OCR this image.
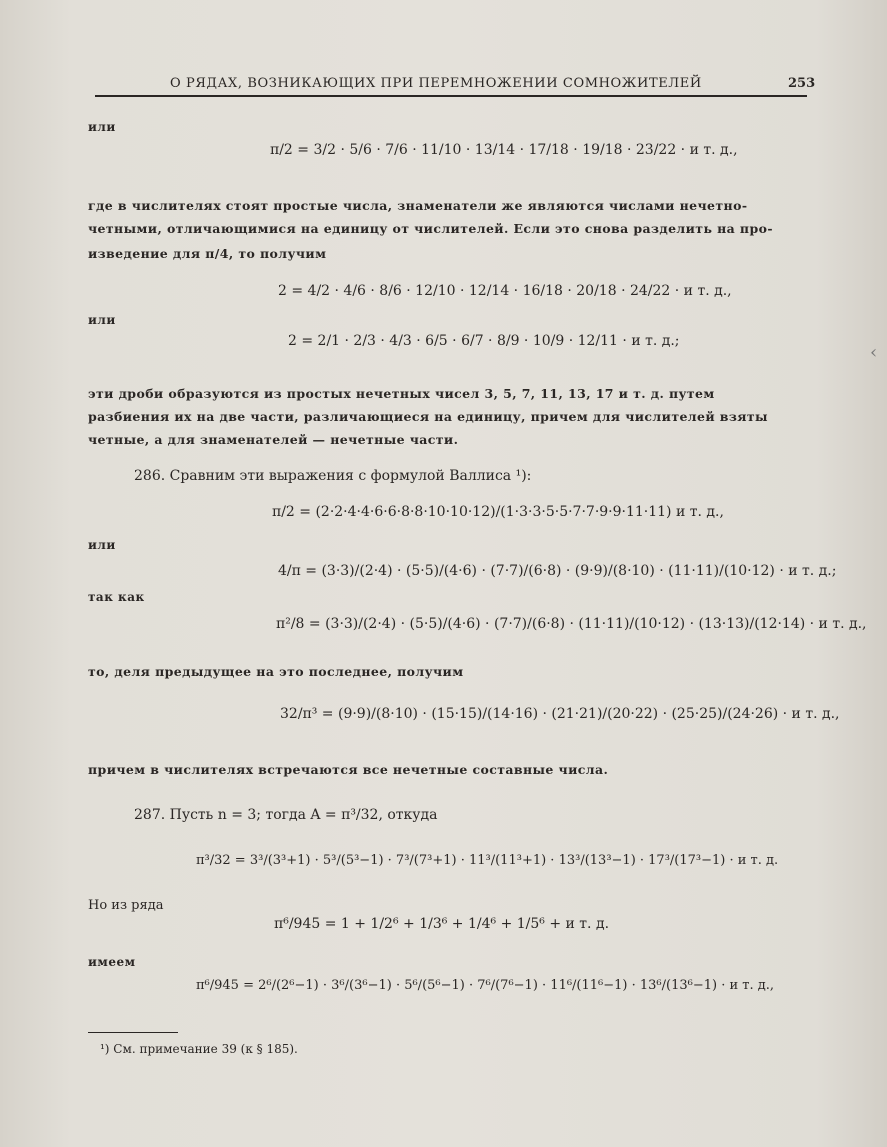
О РЯДАХ, ВОЗНИКАЮЩИХ ПРИ ПЕРЕМНОЖЕНИИ СОМНОЖИТЕЛЕЙ	253
или
π/2 = 3/2 · 5/6 · 7/6 · 11/10 · 13/14 · 17/18 · 19/18 · 23/22 · и т. д.,
где в числителях стоят простые числа, знаменатели же являются числами нечетно-
четными, отличающимися на единицу от числителей. Если это снова разделить на про-
изведение для π/4, то получим
2 = 4/2 · 4/6 · 8/6 · 12/10 · 12/14 · 16/18 · 20/18 · 24/22 · и т. д.,
или
2 = 2/1 · 2/3 · 4/3 · 6/5 · 6/7 · 8/9 · 10/9 · 12/11 · и т. д.;
эти дроби образуются из простых нечетных чисел 3, 5, 7, 11, 13, 17 и т. д. путем
разбиения их на две части, различающиеся на единицу, причем для числителей взяты
четные, а для знаменателей — нечетные части.
286. Сравним эти выражения с формулой Валлиса ¹):
π/2 = (2·2·4·4·6·6·8·8·10·10·12)/(1·3·3·5·5·7·7·9·9·11·11) и т. д.,
или
4/π = (3·3)/(2·4) · (5·5)/(4·6) · (7·7)/(6·8) · (9·9)/(8·10) · (11·11)/(10·12) · и т. д.;
так как
π²/8 = (3·3)/(2·4) · (5·5)/(4·6) · (7·7)/(6·8) · (11·11)/(10·12) · (13·13)/(12·14) · и т. д.,
то, деля предыдущее на это последнее, получим
32/π³ = (9·9)/(8·10) · (15·15)/(14·16) · (21·21)/(20·22) · (25·25)/(24·26) · и т. д.,
причем в числителях встречаются все нечетные составные числа.
287. Пусть n = 3; тогда A = π³/32, откуда
π³/32 = 3³/(3³+1) · 5³/(5³−1) · 7³/(7³+1) · 11³/(11³+1) · 13³/(13³−1) · 17³/(17³−1) · и т. д.
Но из ряда
π⁶/945 = 1 + 1/2⁶ + 1/3⁶ + 1/4⁶ + 1/5⁶ + и т. д.
имеем
π⁶/945 = 2⁶/(2⁶−1) · 3⁶/(3⁶−1) · 5⁶/(5⁶−1) · 7⁶/(7⁶−1) · 11⁶/(11⁶−1) · 13⁶/(13⁶−1) · и т. д.,
¹) См. примечание 39 (к § 185).
‹
